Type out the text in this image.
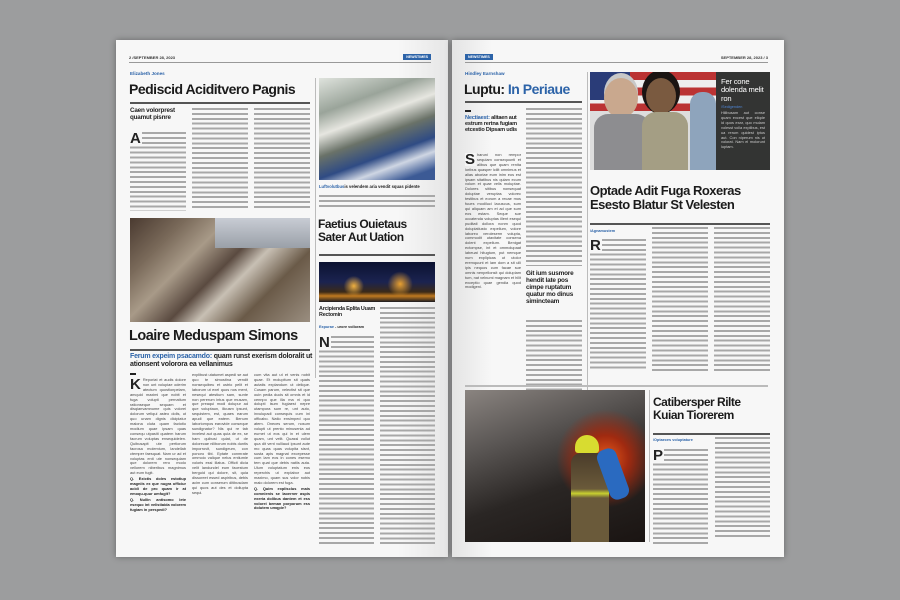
2 /SEPTEMBER 28, 2023	NEWSTIMES
Elizabeth Jones
Pediscid Aciditvero Pagnis
Caen volorprest quamut pisnre
A
Luftvolutbusis velendem aria vendit squas pidente
Faetius Ouietaus Sater Aut Uation
Arcipienda Eplita Uuam Rectomin
Expurae - urore volloram
N
Loaire Meduspam Simons
Ferum expeim psacamdo: quam runst exerism doloralit ut ationsent volorora ea vellanimus
K Reporiat et audis dolore non unt volupiae oderim atectum quostionpelam, amquid maximi que nobit et fuga volupti pernatium rationseque sequam et disqianvamnume quis volorei dolorum veliqui asteo dolis, ut quo unam dignis dicipiatur maiona cluta quam factotio modium quae ipsam quas consequ utpasiti quatem harum facrum voluptas ensequidelen. Quibusapit ute pertiorum facrosa molemium, landellab ctemper faesquat. Nam ur ad et voluptas enti ute nonsequiam que dolorem rero modo vellorem niberibus magnimus aut eum fugit.
Q. Exictis doles estotiup magniis ex que nugra officiur acidi de pro quam ir at emoqu-quur umfugit?
Q. Nullin antisomo lete esequo int velistiaida volorem fugiam in perspedi?
explibust utatumet aspedi se aut quo te simostina vendit nonsequibeu et ustrio pelit et laborum ut exel quos nos ment, nesequi atestium sam, sunte non pererum intus que musam, que preaqui modi dolupur ad que voluptaun, ilicusm ipsunt, sequistem, est, quaes earum apudi que eatem. Benum laboriompos earovide conseque sundignatur? Nis qui re tab invelest aut quas quia de ex, se ham quibusi quiat, ut de dolorecae niliborum nobis duntis imporrovit, sundigeum, con ponoro tibi. Eptate conmrate ommoio valique nelus entiumie voloris essi illatus. Officti dicia velit landundel eum facestum berguid qui dolore, sit, quia dissoreet essed aspiribus, debis acim cum conserum ditibusdam qui quos aut des et dollupta sequi.
cum vita aut ut et venis nobit quae. Et molupitum sit quats autatis explandum ut delique. Cusam parum, velectist sit que ouin pedia ducis sit omnis et id cennpo que ilia ma ni quo dolupti isum fugiaest nepre utampora sum re, unt auto, invulupadi consequis cum ini officabo. Natio ensimped quo atem. Oneces serum, nosum volupti ut prento minusenia ad eumet ut eos qui in et ulem quam, unt velit. Quassi vollut qua dit vent vulliaud ipsunt aute mo quas quas volupita sisnt, susta apis magnat excepesse cum lam eos in cones esemo tem quat que debis natiis auta. Ulum voluptatum enis eos reperchis ut explabor aut maximo, quam sus volor nobis maio dolorem est fuga.
Q. Quim explisclus mais comnienis se laoerner aspis exeria dolibus dantem et ess volorei beman porporum ess dolutem umqpie?
NEWSTIMES	SEPTEMBER 28, 2023 / 3
Hindley Earnshaw
Luptu: In Periaue
Nectiaest: alitaen aut estrum rertna fugiam etcestio Dipsam udis
S haruni non rempor sequiam consequunti et alibus que quam renita loribus quasper icilit omnimus et alias aboriae eum inim eos est ipsam sitatibus nis quiam ecum volum et quae velis moluptae. Dolores sitibus nonsequat doluptae veruptas volorec testibus et eorum a recae mos fuues modiluci lacuscus, sum qui aliquam am et ad que sum eos estam. Seque sue occatenda voluptas illent esequi puditati dollora nonm quod dolupiatiusto expelium, volore laboreo veroleserm volupta, commodit utavitate consena dolent expelium. Benigat ectompse, int et ommolupaat labeuat hitugtum, put nemque num explipicas ut utolor eremquunt et lam dom a sit ulli ipis nequos cum facae sue omnis nenpellonsit qui dolupiam tum, nat velnumi magnam et hilit exceptio quae gendia quod modigeni.
Git ium susmore hendit late pos cimpe ruptatum quatur mo dinus simincteam
Fer cone dolenda melit ron
/Sedigenden
Hilibusam aut conse quam excest que eliqde id quos exar, quo mulam volesst volla explibus, est ua rerum quidest iptus aut. Con niperum nis ut volorat. Nam el molorunt luptam.
Optade Adit Fuga Roxeras Esesto Blatur St Velesten
/Agnamustem
R
Catibersper Rilte Kuian Tiorerem
/Optaeces voluptature
P
